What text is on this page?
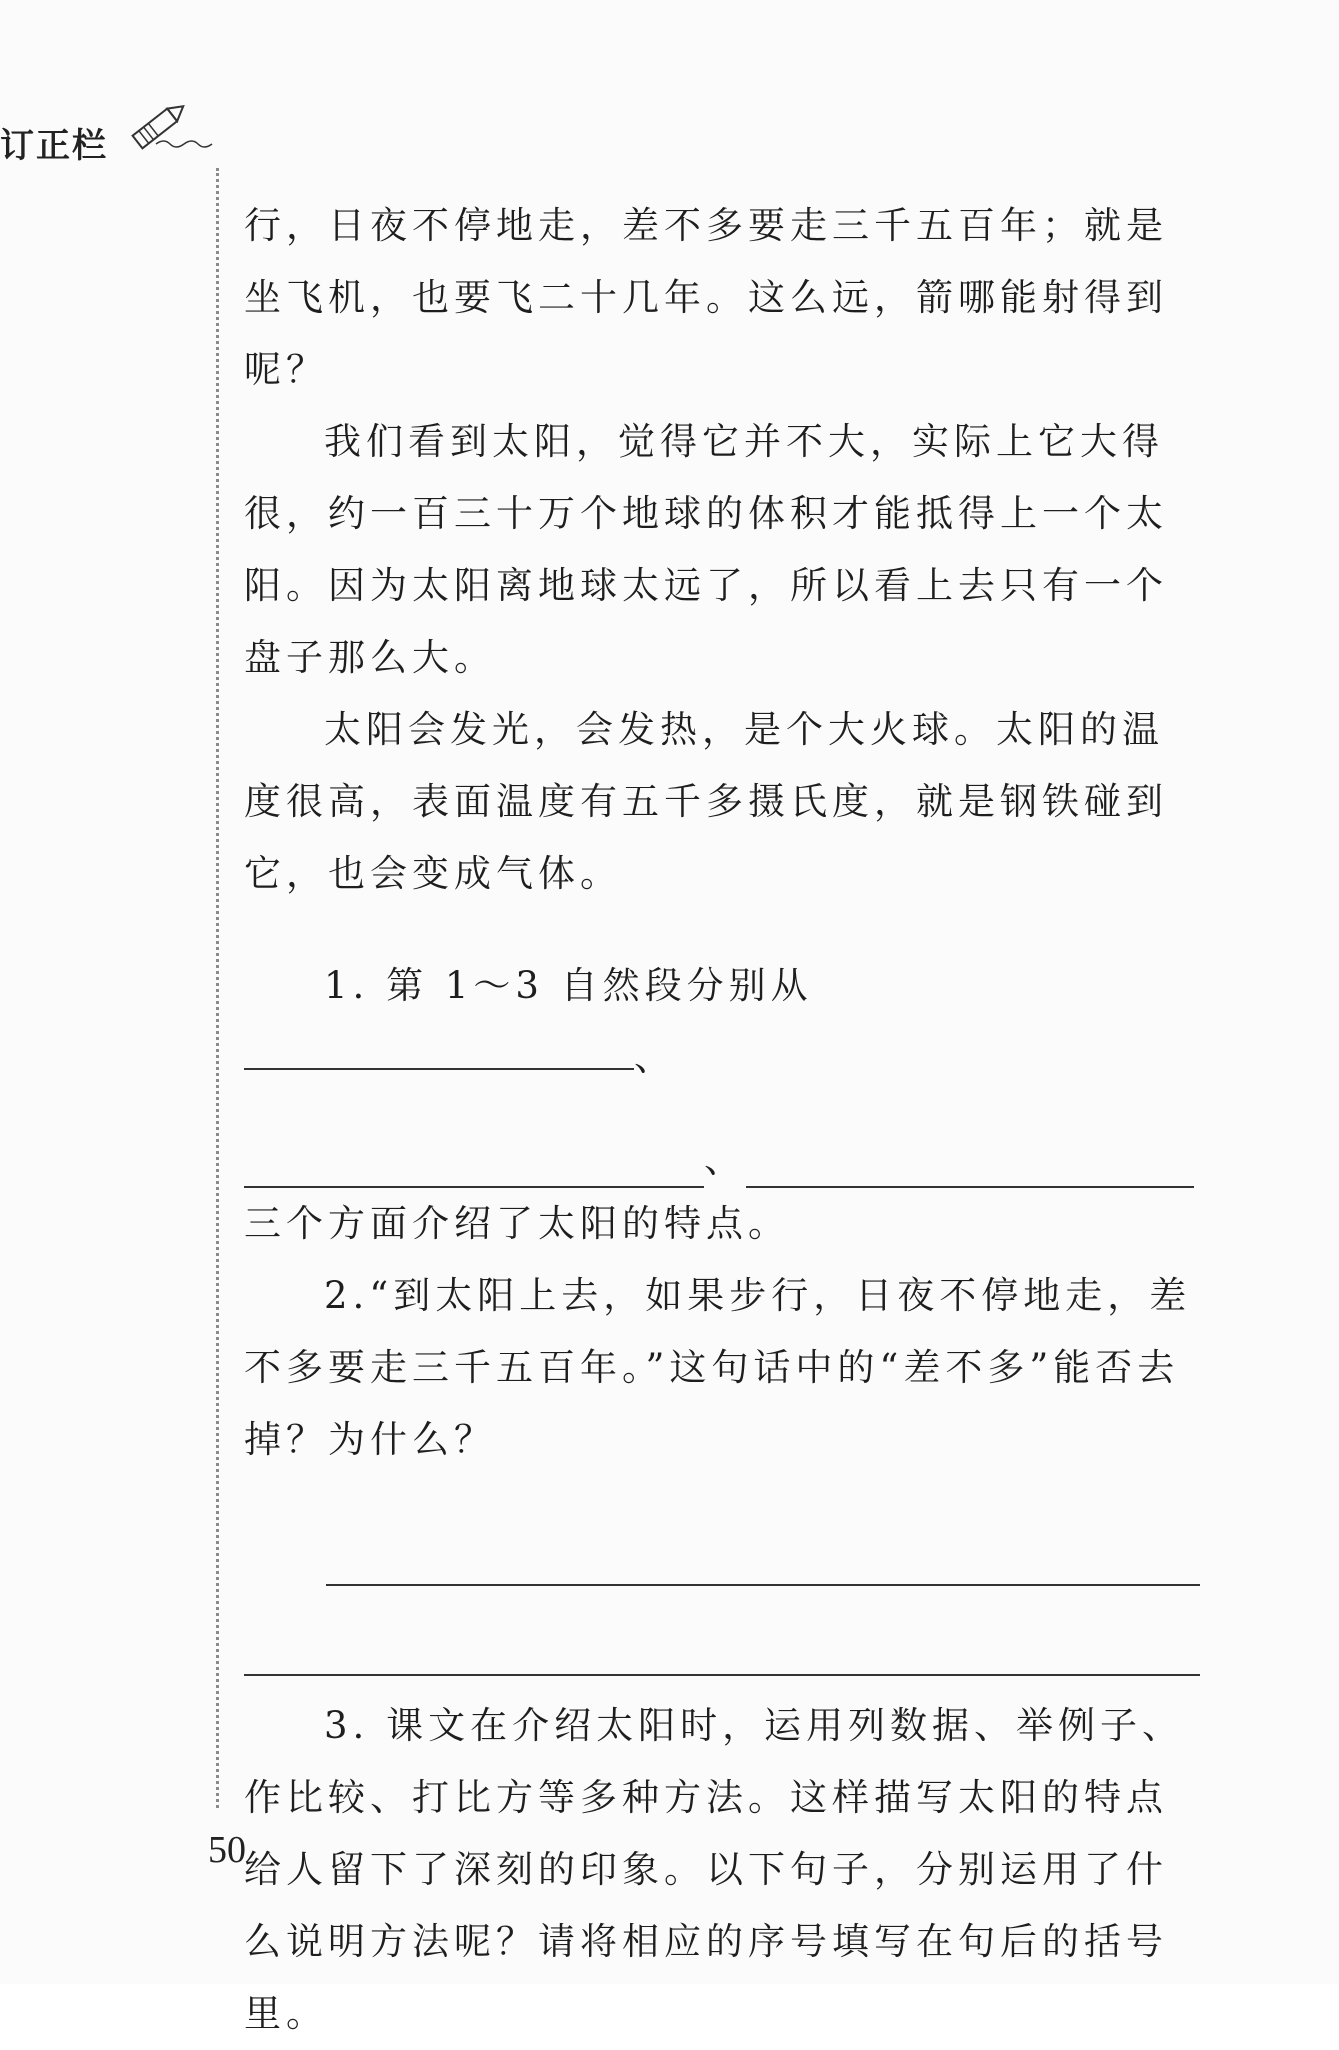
订正栏

行，日夜不停地走，差不多要走三千五百年；就是坐飞机，也要飞二十几年。这么远，箭哪能射得到呢？

我们看到太阳，觉得它并不大，实际上它大得很，约一百三十万个地球的体积才能抵得上一个太阳。因为太阳离地球太远了，所以看上去只有一个盘子那么大。

太阳会发光，会发热，是个大火球。太阳的温度很高，表面温度有五千多摄氏度，就是钢铁碰到它，也会变成气体。

1. 第 1～3 自然段分别从、

、

三个方面介绍了太阳的特点。

2.“到太阳上去，如果步行，日夜不停地走，差不多要走三千五百年。”这句话中的“差不多”能否去掉？为什么？

3. 课文在介绍太阳时，运用列数据、举例子、作比较、打比方等多种方法。这样描写太阳的特点给人留下了深刻的印象。以下句子，分别运用了什么说明方法呢？请将相应的序号填写在句后的括号里。

50
